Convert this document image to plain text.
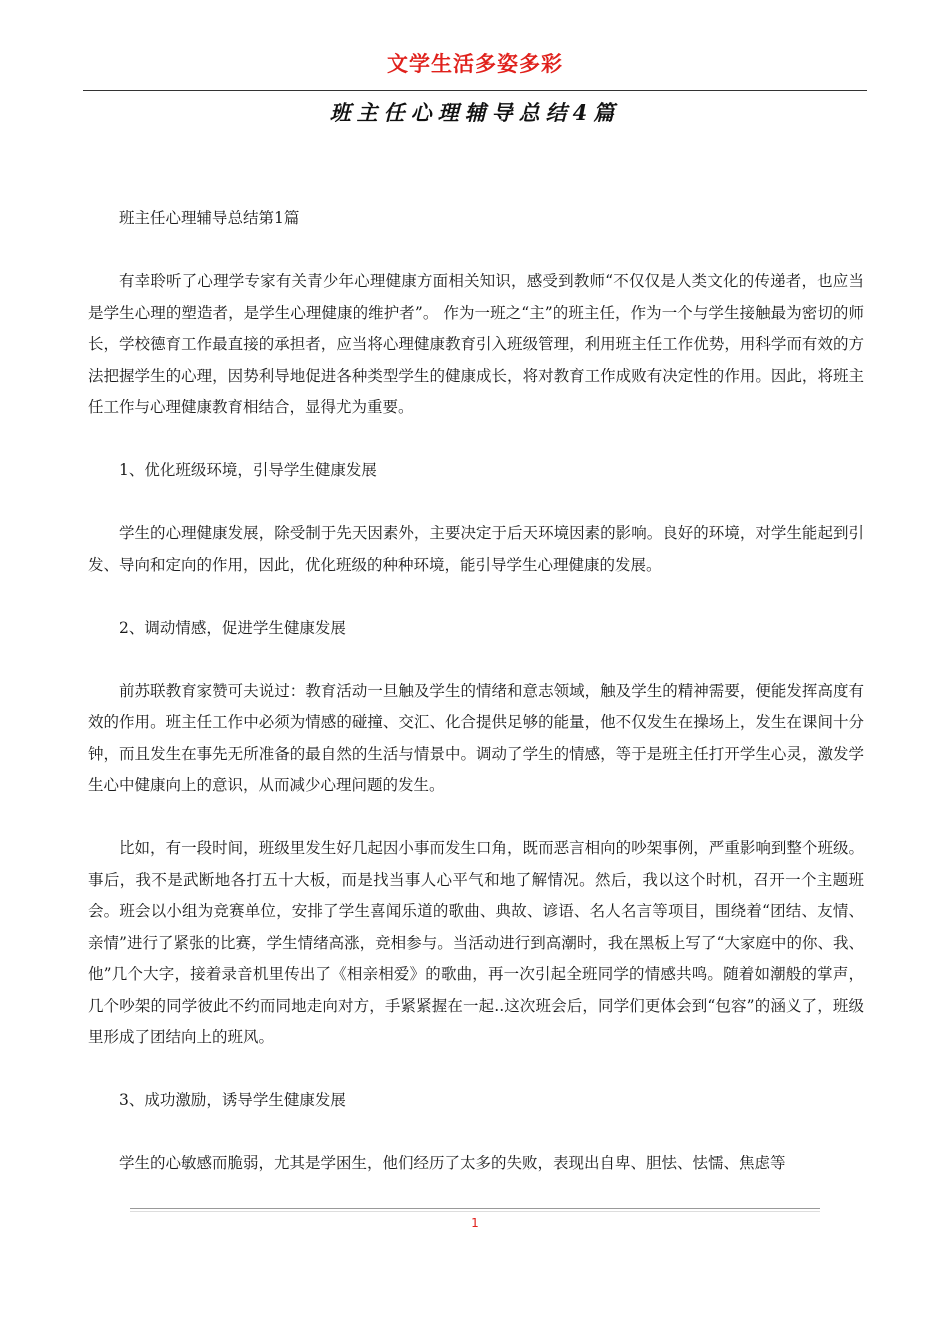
文学生活多姿多彩
班主任心理辅导总结4篇

班主任心理辅导总结第1篇

有幸聆听了心理学专家有关青少年心理健康方面相关知识，感受到教师“不仅仅是人类文化的传递者，也应当是学生心理的塑造者，是学生心理健康的维护者”。 作为一班之“主”的班主任，作为一个与学生接触最为密切的师长，学校德育工作最直接的承担者，应当将心理健康教育引入班级管理，利用班主任工作优势，用科学而有效的方法把握学生的心理，因势利导地促进各种类型学生的健康成长，将对教育工作成败有决定性的作用。因此，将班主任工作与心理健康教育相结合，显得尤为重要。

1、优化班级环境，引导学生健康发展

学生的心理健康发展，除受制于先天因素外，主要决定于后天环境因素的影响。良好的环境，对学生能起到引发、导向和定向的作用，因此，优化班级的种种环境，能引导学生心理健康的发展。

2、调动情感，促进学生健康发展

前苏联教育家赞可夫说过：教育活动一旦触及学生的情绪和意志领域，触及学生的精神需要，便能发挥高度有效的作用。班主任工作中必须为情感的碰撞、交汇、化合提供足够的能量，他不仅发生在操场上，发生在课间十分钟，而且发生在事先无所准备的最自然的生活与情景中。调动了学生的情感，等于是班主任打开学生心灵，激发学生心中健康向上的意识，从而减少心理问题的发生。

比如，有一段时间，班级里发生好几起因小事而发生口角，既而恶言相向的吵架事例，严重影响到整个班级。事后，我不是武断地各打五十大板，而是找当事人心平气和地了解情况。然后，我以这个时机，召开一个主题班会。班会以小组为竞赛单位，安排了学生喜闻乐道的歌曲、典故、谚语、名人名言等项目，围绕着“团结、友情、亲情”进行了紧张的比赛，学生情绪高涨，竞相参与。当活动进行到高潮时，我在黑板上写了“大家庭中的你、我、他”几个大字，接着录音机里传出了《相亲相爱》的歌曲，再一次引起全班同学的情感共鸣。随着如潮般的掌声，几个吵架的同学彼此不约而同地走向对方，手紧紧握在一起..这次班会后，同学们更体会到“包容”的涵义了，班级里形成了团结向上的班风。

3、成功激励，诱导学生健康发展

学生的心敏感而脆弱，尤其是学困生，他们经历了太多的失败，表现出自卑、胆怯、怯懦、焦虑等

1
